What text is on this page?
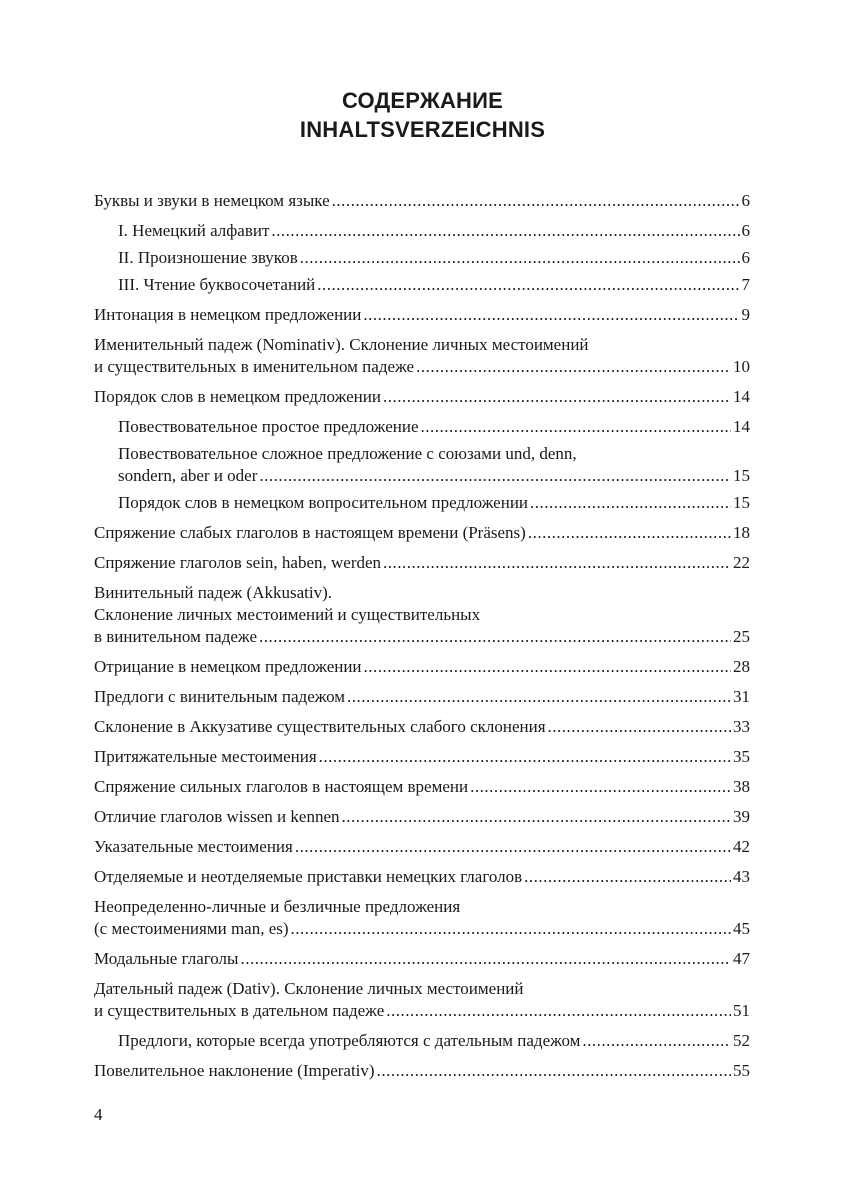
СОДЕРЖАНИЕ
INHALTSVERZEICHNIS
Буквы и звуки в немецком языке .....	6
I. Немецкий алфавит .....	6
II. Произношение звуков .....	6
III. Чтение буквосочетаний .....	7
Интонация в немецком предложении .....	9
Именительный падеж (Nominativ). Склонение личных местоимений
и существительных в именительном падеже .....	10
Порядок слов в немецком предложении .....	14
Повествовательное простое предложение .....	14
Повествовательное сложное предложение с союзами und, denn,
sondern, aber и oder .....	15
Порядок слов в немецком вопросительном предложении .....	15
Спряжение слабых глаголов в настоящем времени (Präsens) .....	18
Спряжение глаголов sein, haben, werden .....	22
Винительный падеж (Akkusativ).
Склонение личных местоимений и существительных
в винительном падеже .....	25
Отрицание в немецком предложении .....	28
Предлоги с винительным падежом .....	31
Склонение в Аккузативе существительных слабого склонения .....	33
Притяжательные местоимения .....	35
Спряжение сильных глаголов в настоящем времени .....	38
Отличие глаголов wissen и kennen .....	39
Указательные местоимения .....	42
Отделяемые и неотделяемые приставки немецких глаголов .....	43
Неопределенно-личные и безличные предложения
(с местоимениями man, es) .....	45
Модальные глаголы .....	47
Дательный падеж (Dativ). Склонение личных местоимений
и существительных в дательном падеже .....	51
Предлоги, которые всегда употребляются с дательным падежом .....	52
Повелительное наклонение (Imperativ) .....	55
4
